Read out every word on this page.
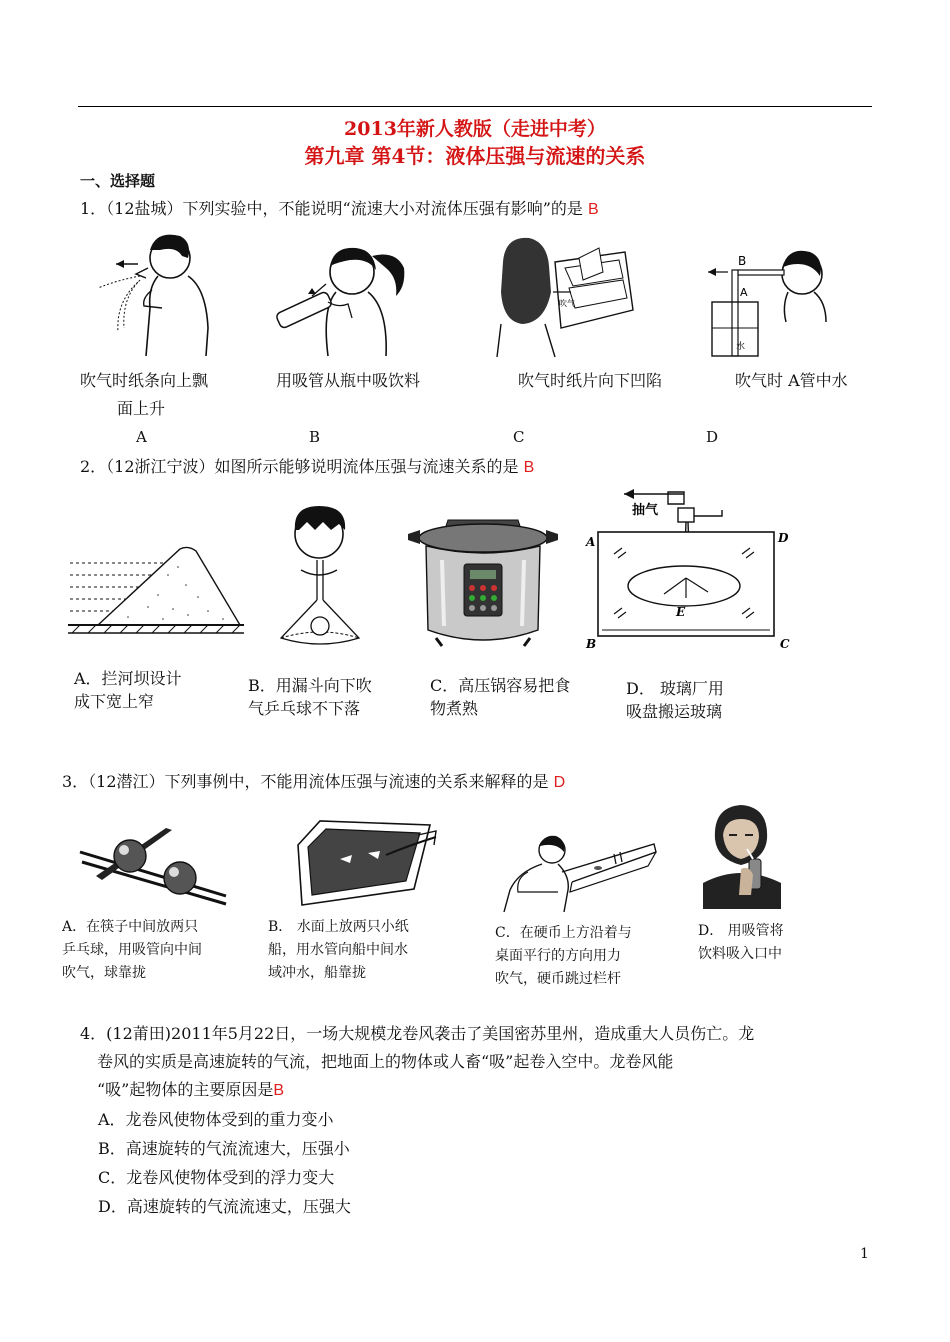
2013年新人教版（走进中考）
第九章 第4节：液体压强与流速的关系
一、选择题
1．（12盐城）下列实验中，不能说明“流速大小对流体压强有影响”的是 B
吹气
B
A
水
吹气时纸条向上飘
面上升
用吸管从瓶中吸饮料	吹气时纸片向下凹陷	吹气时 A管中水
A	B	C	D
2．（12浙江宁波）如图所示能够说明流体压强与流速关系的是 B
抽气
A	D
E
B	C
A．拦河坝设计
成下宽上窄
B．用漏斗向下吹
气乒乓球不下落
C．高压锅容易把食
物煮熟
D． 玻璃厂用
吸盘搬运玻璃
3．（12潜江）下列事例中，不能用流体压强与流速的关系来解释的是 D
A．在筷子中间放两只
乒乓球，用吸管向中间
吹气，球靠拢
B． 水面上放两只小纸
船，用水管向船中间水
域冲水，船靠拢
C．在硬币上方沿着与
桌面平行的方向用力
吹气，硬币跳过栏杆
D． 用吸管将
饮料吸入口中
4．(12莆田)2011年5月22日，一场大规模龙卷风袭击了美国密苏里州，造成重大人员伤亡。龙
卷风的实质是高速旋转的气流，把地面上的物体或人畜“吸”起卷入空中。龙卷风能
“吸”起物体的主要原因是B
A．龙卷风使物体受到的重力变小
B．高速旋转的气流流速大，压强小
C．龙卷风使物体受到的浮力变大
D．高速旋转的气流流速丈，压强大
1
